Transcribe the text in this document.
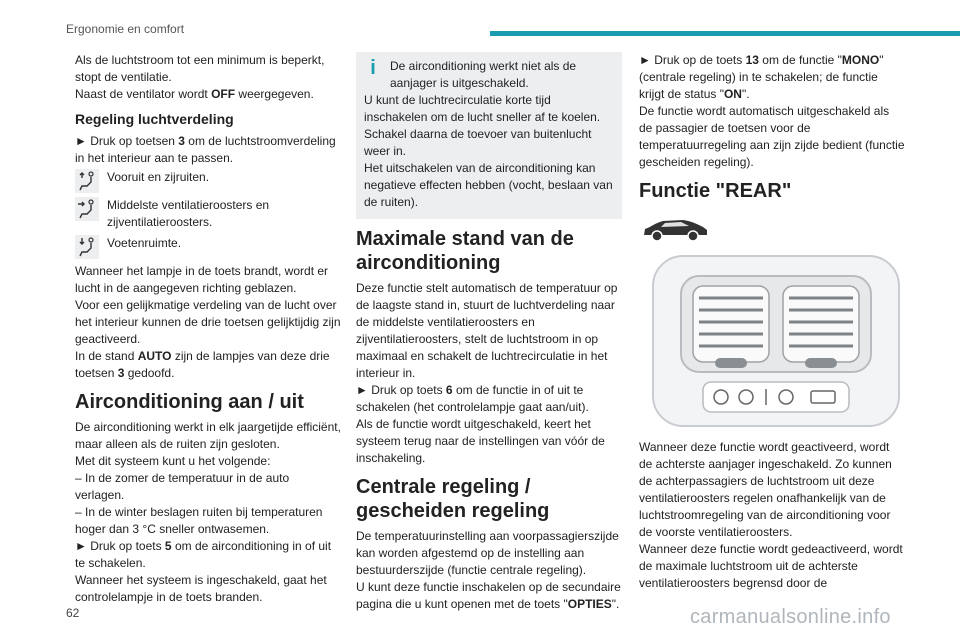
Ergonomie en comfort

Als de luchtstroom tot een minimum is beperkt, stopt de ventilatie.

Naast de ventilator wordt OFF weergegeven.

Regeling luchtverdeling

► Druk op toetsen 3 om de luchtstroomverdeling in het interieur aan te passen.

Vooruit en zijruiten.
Middelste ventilatieroosters en zijventilatieroosters.
Voetenruimte.

Wanneer het lampje in de toets brandt, wordt er lucht in de aangegeven richting geblazen.

Voor een gelijkmatige verdeling van de lucht over het interieur kunnen de drie toetsen gelijktijdig zijn geactiveerd.

In de stand AUTO zijn de lampjes van deze drie toetsen 3 gedoofd.

Airconditioning aan / uit

De airconditioning werkt in elk jaargetijde efficiënt, maar alleen als de ruiten zijn gesloten.

Met dit systeem kunt u het volgende:

– In de zomer de temperatuur in de auto verlagen.

– In de winter beslagen ruiten bij temperaturen hoger dan 3 °C sneller ontwasemen.

► Druk op toets 5 om de airconditioning in of uit te schakelen.

Wanneer het systeem is ingeschakeld, gaat het controlelampje in de toets branden.

i	De airconditioning werkt niet als de aanjager is uitgeschakeld.

U kunt de luchtrecirculatie korte tijd inschakelen om de lucht sneller af te koelen. Schakel daarna de toevoer van buitenlucht weer in.

Het uitschakelen van de airconditioning kan negatieve effecten hebben (vocht, beslaan van de ruiten).

Maximale stand van de airconditioning

Deze functie stelt automatisch de temperatuur op de laagste stand in, stuurt de luchtverdeling naar de middelste ventilatieroosters en zijventilatieroosters, stelt de luchtstroom in op maximaal en schakelt de luchtrecirculatie in het interieur in.

► Druk op toets 6 om de functie in of uit te schakelen (het controlelampje gaat aan/uit).

Als de functie wordt uitgeschakeld, keert het systeem terug naar de instellingen van vóór de inschakeling.

Centrale regeling / gescheiden regeling

De temperatuurinstelling aan voorpassagierszijde kan worden afgestemd op de instelling aan bestuurderszijde (functie centrale regeling).

U kunt deze functie inschakelen op de secundaire pagina die u kunt openen met de toets "OPTIES".

► Druk op de toets 13 om de functie "MONO" (centrale regeling) in te schakelen; de functie krijgt de status "ON".

De functie wordt automatisch uitgeschakeld als de passagier de toetsen voor de temperatuurregeling aan zijn zijde bedient (functie gescheiden regeling).

Functie "REAR"

Wanneer deze functie wordt geactiveerd, wordt de achterste aanjager ingeschakeld. Zo kunnen de achterpassagiers de luchtstroom uit deze ventilatieroosters regelen onafhankelijk van de luchtstroomregeling van de airconditioning voor de voorste ventilatieroosters.

Wanneer deze functie wordt gedeactiveerd, wordt de maximale luchtstroom uit de achterste ventilatieroosters begrensd door de

62	carmanualsonline.info
